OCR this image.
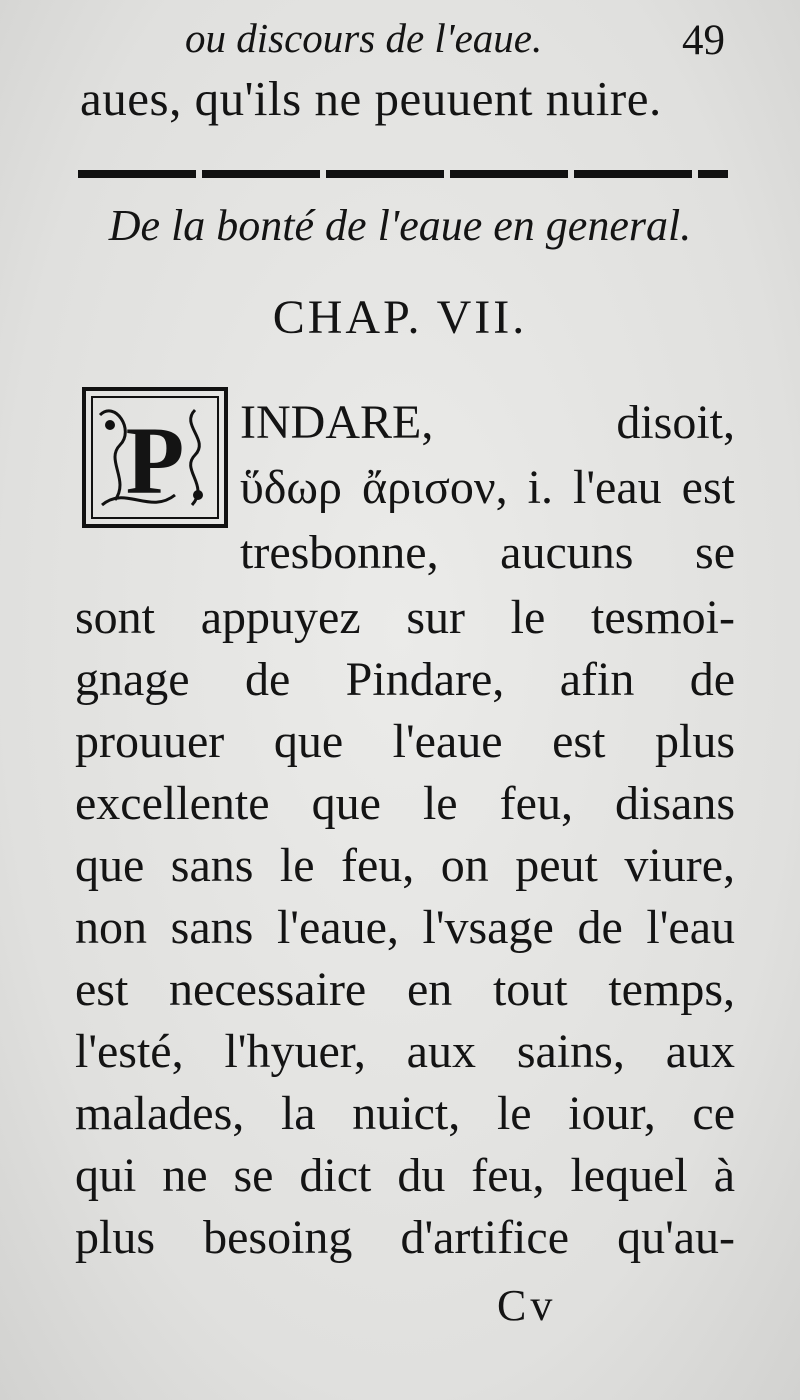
ou discours de l'eaue.	49
aues, qu'ils ne peuuent nuire.
De la bonté de l'eaue en general.
CHAP. VII.
P INDARE, disoit,
ὕδωρ ἄρισον, i. l'eau est
tresbonne, aucuns se
sont appuyez sur le tesmoi-
gnage de Pindare, afin de
prouuer que l'eaue est plus
excellente que le feu, disans
que sans le feu, on peut viure,
non sans l'eaue, l'vsage de l'eau
est necessaire en tout temps,
l'esté, l'hyuer, aux sains, aux
malades, la nuict, le iour, ce
qui ne se dict du feu, lequel à
plus besoing d'artifice qu'au-
Cv
